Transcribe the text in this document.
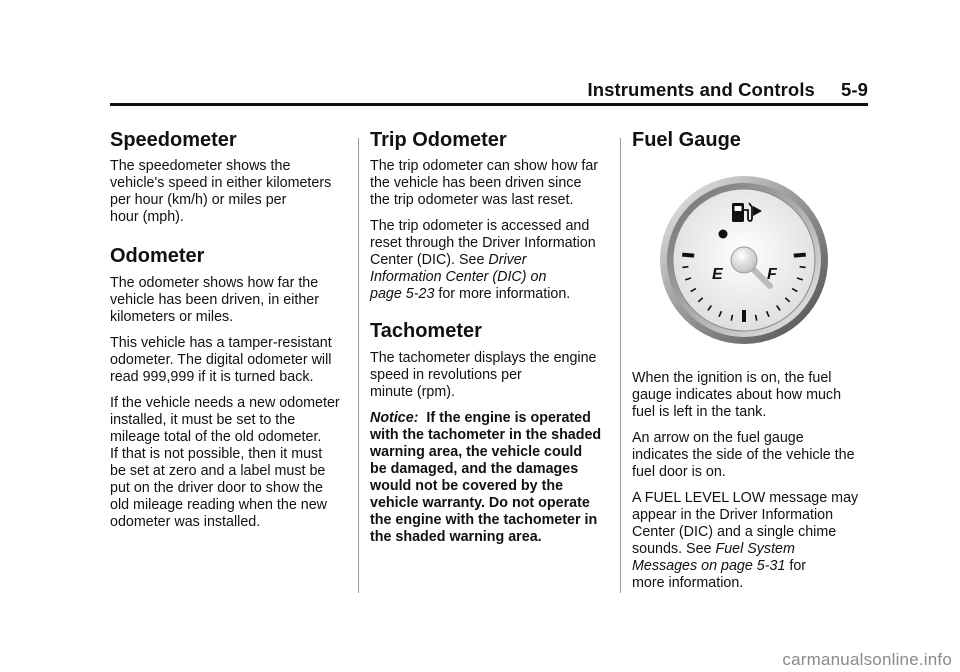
Instruments and Controls 5-9
Speedometer

The speedometer shows the
vehicle's speed in either kilometers
per hour (km/h) or miles per
hour (mph).

Odometer

The odometer shows how far the
vehicle has been driven, in either
kilometers or miles.

This vehicle has a tamper-resistant
odometer. The digital odometer will
read 999,999 if it is turned back.

If the vehicle needs a new odometer
installed, it must be set to the
mileage total of the old odometer.
If that is not possible, then it must
be set at zero and a label must be
put on the driver door to show the
old mileage reading when the new
odometer was installed.

Trip Odometer

The trip odometer can show how far
the vehicle has been driven since
the trip odometer was last reset.

The trip odometer is accessed and
reset through the Driver Information
Center (DIC). See Driver
Information Center (DIC) on
page 5-23 for more information.

Tachometer

The tachometer displays the engine
speed in revolutions per
minute (rpm).

Notice:  If the engine is operated
with the tachometer in the shaded
warning area, the vehicle could
be damaged, and the damages
would not be covered by the
vehicle warranty. Do not operate
the engine with the tachometer in
the shaded warning area.

Fuel Gauge

When the ignition is on, the fuel
gauge indicates about how much
fuel is left in the tank.

An arrow on the fuel gauge
indicates the side of the vehicle the
fuel door is on.

A FUEL LEVEL LOW message may
appear in the Driver Information
Center (DIC) and a single chime
sounds. See Fuel System
Messages on page 5-31 for
more information.

E	F
carmanualsonline.info
